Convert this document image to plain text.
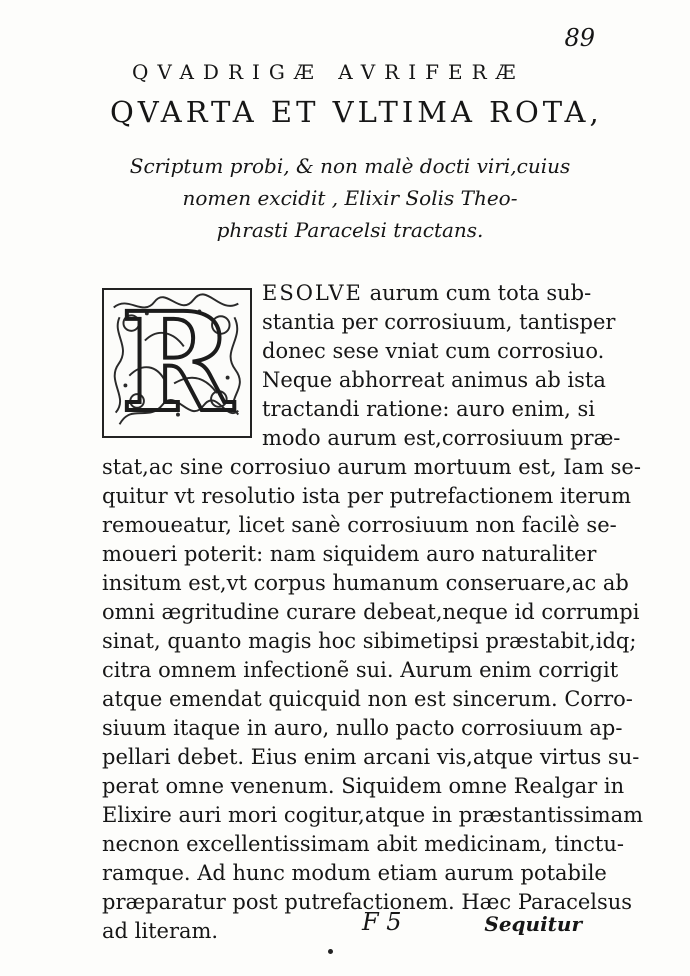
89
QVADRIGÆ AVRIFERÆ
QVARTA ET VLTIMA ROTA,
Scriptum probi, & non malè docti viri,cuius
nomen excidit , Elixir Solis Theo-
phrasti Paracelsi tractans.
R	ESOLVE aurum cum tota sub-
stantia per corrosiuum, tantisper
donec sese vniat cum corrosiuo.
Neque abhorreat animus ab ista
tractandi ratione: auro enim, si
modo aurum est,corrosiuum præ-
stat,ac sine corrosiuo aurum mortuum est, Iam se-
quitur vt resolutio ista per putrefactionem iterum
remoueatur, licet sanè corrosiuum non facilè se-
moueri poterit: nam siquidem auro naturaliter
insitum est,vt corpus humanum conseruare,ac ab
omni ægritudine curare debeat,neque id corrumpi
sinat, quanto magis hoc sibimetipsi præstabit,idq;
citra omnem infectionẽ sui. Aurum enim corrigit
atque emendat quicquid non est sincerum. Corro-
siuum itaque in auro, nullo pacto corrosiuum ap-
pellari debet. Eius enim arcani vis,atque virtus su-
perat omne venenum. Siquidem omne Realgar in
Elixire auri mori cogitur,atque in præstantissimam
necnon excellentissimam abit medicinam, tinctu-
ramque. Ad hunc modum etiam aurum potabile
præparatur post putrefactionem. Hæc Paracelsus
ad literam.	F 5	Sequitur
